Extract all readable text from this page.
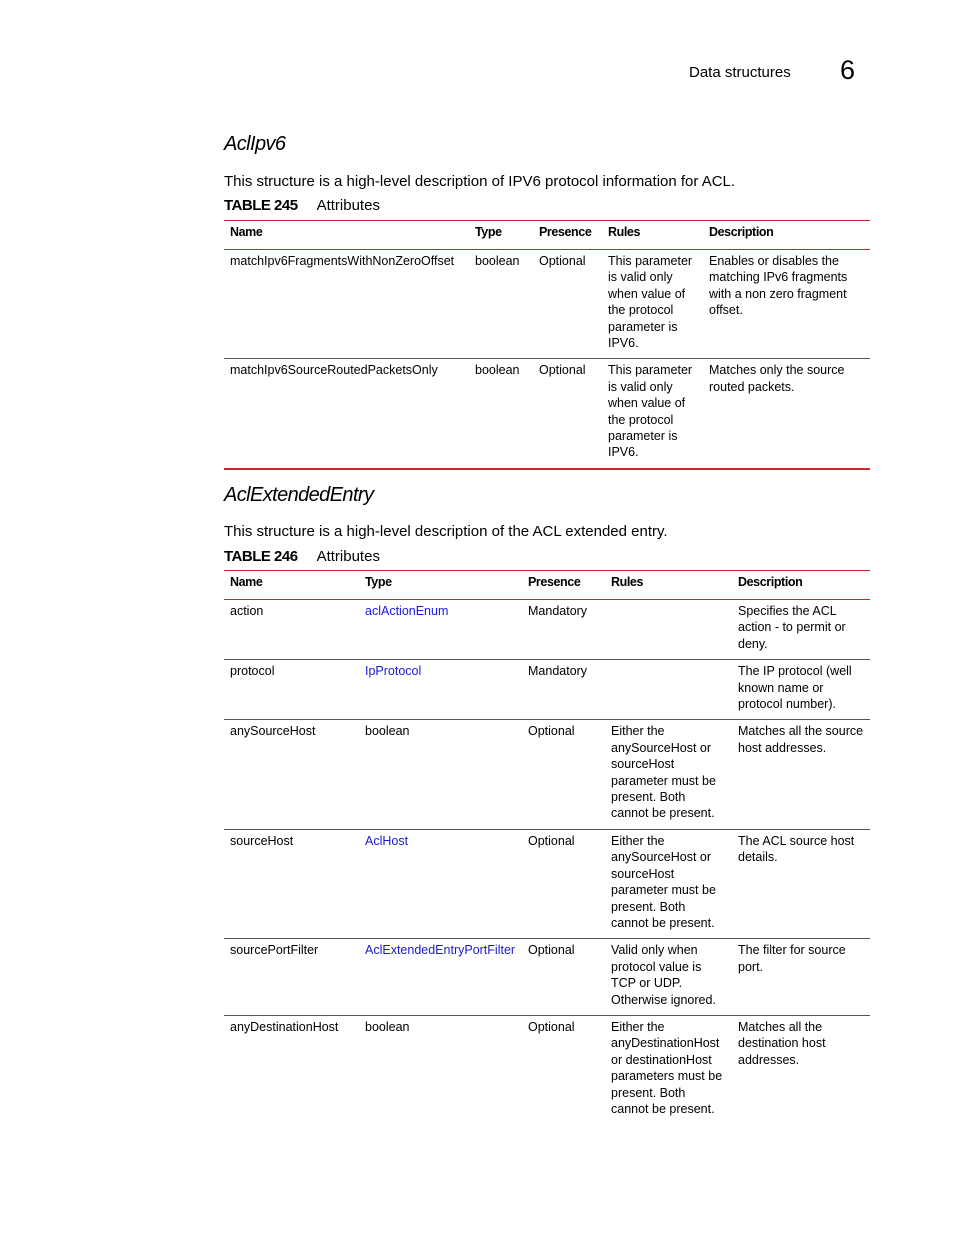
Data structures 6
AclIpv6
This structure is a high-level description of IPV6 protocol information for ACL.
TABLE 245 Attributes
Name	Type	Presence	Rules	Description
matchIpv6FragmentsWithNonZeroOffset	boolean	Optional	This parameter is valid only when value of the protocol parameter is IPV6.	Enables or disables the matching IPv6 fragments with a non zero fragment offset.
matchIpv6SourceRoutedPacketsOnly	boolean	Optional	This parameter is valid only when value of the protocol parameter is IPV6.	Matches only the source routed packets.
AclExtendedEntry
This structure is a high-level description of the ACL extended entry.
TABLE 246 Attributes
Name	Type	Presence	Rules	Description
action	aclActionEnum	Mandatory		Specifies the ACL action - to permit or deny.
protocol	IpProtocol	Mandatory		The IP protocol (well known name or protocol number).
anySourceHost	boolean	Optional	Either the anySourceHost or sourceHost parameter must be present. Both cannot be present.	Matches all the source host addresses.
sourceHost	AclHost	Optional	Either the anySourceHost or sourceHost parameter must be present. Both cannot be present.	The ACL source host details.
sourcePortFilter	AclExtendedEntryPortFilter	Optional	Valid only when protocol value is TCP or UDP. Otherwise ignored.	The filter for source port.
anyDestinationHost	boolean	Optional	Either the anyDestinationHost or destinationHost parameters must be present. Both cannot be present.	Matches all the destination host addresses.
